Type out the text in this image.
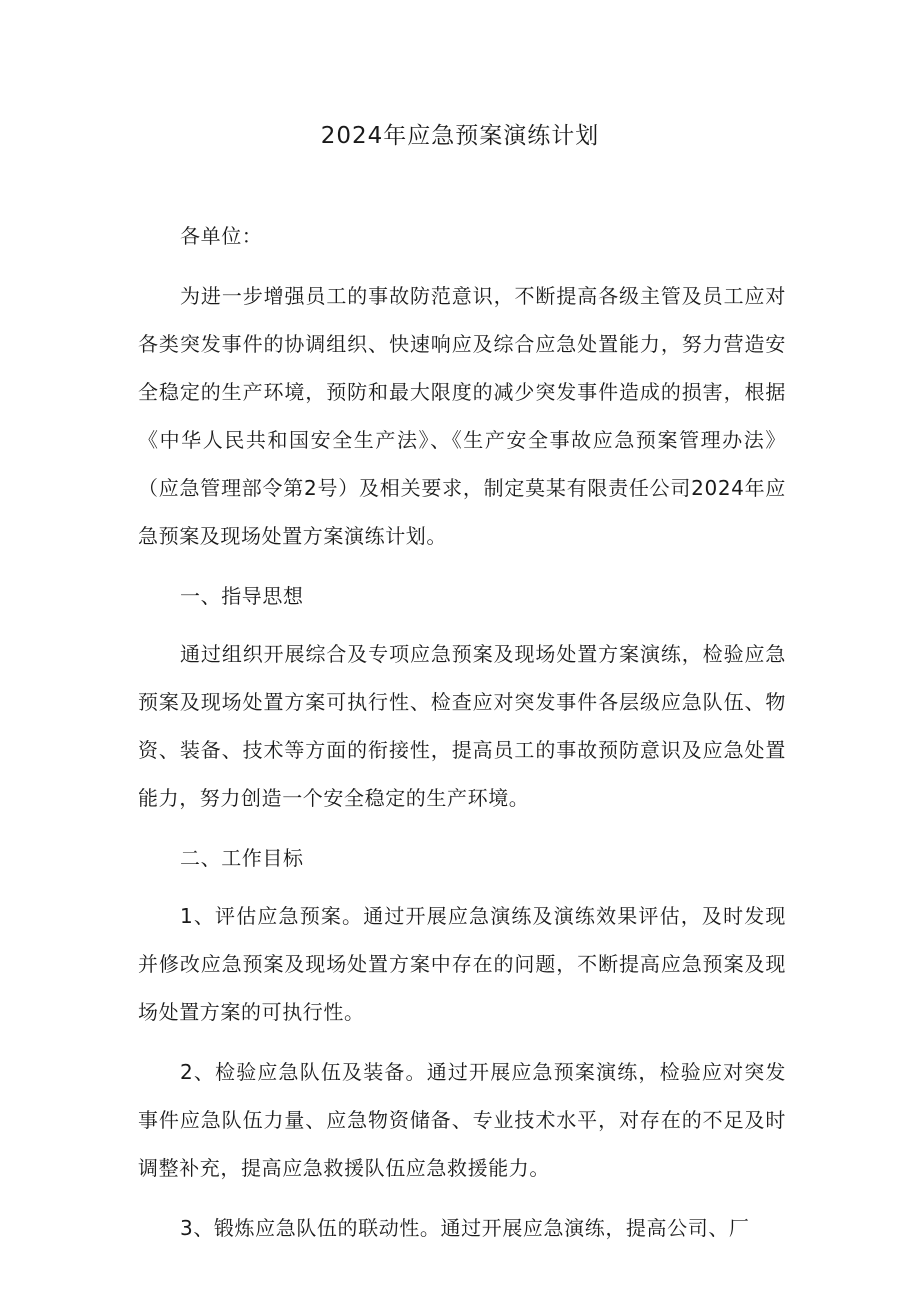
2024年应急预案演练计划

各单位：

为进一步增强员工的事故防范意识，不断提高各级主管及员工应对各类突发事件的协调组织、快速响应及综合应急处置能力，努力营造安全稳定的生产环境，预防和最大限度的减少突发事件造成的损害，根据《中华人民共和国安全生产法》、《生产安全事故应急预案管理办法》（应急管理部令第2号）及相关要求，制定莫某有限责任公司2024年应急预案及现场处置方案演练计划。

一、指导思想

通过组织开展综合及专项应急预案及现场处置方案演练，检验应急预案及现场处置方案可执行性、检查应对突发事件各层级应急队伍、物资、装备、技术等方面的衔接性，提高员工的事故预防意识及应急处置能力，努力创造一个安全稳定的生产环境。

二、工作目标

1、评估应急预案。通过开展应急演练及演练效果评估，及时发现并修改应急预案及现场处置方案中存在的问题，不断提高应急预案及现场处置方案的可执行性。

2、检验应急队伍及装备。通过开展应急预案演练，检验应对突发事件应急队伍力量、应急物资储备、专业技术水平，对存在的不足及时调整补充，提高应急救援队伍应急救援能力。

3、锻炼应急队伍的联动性。通过开展应急演练，提高公司、厂
